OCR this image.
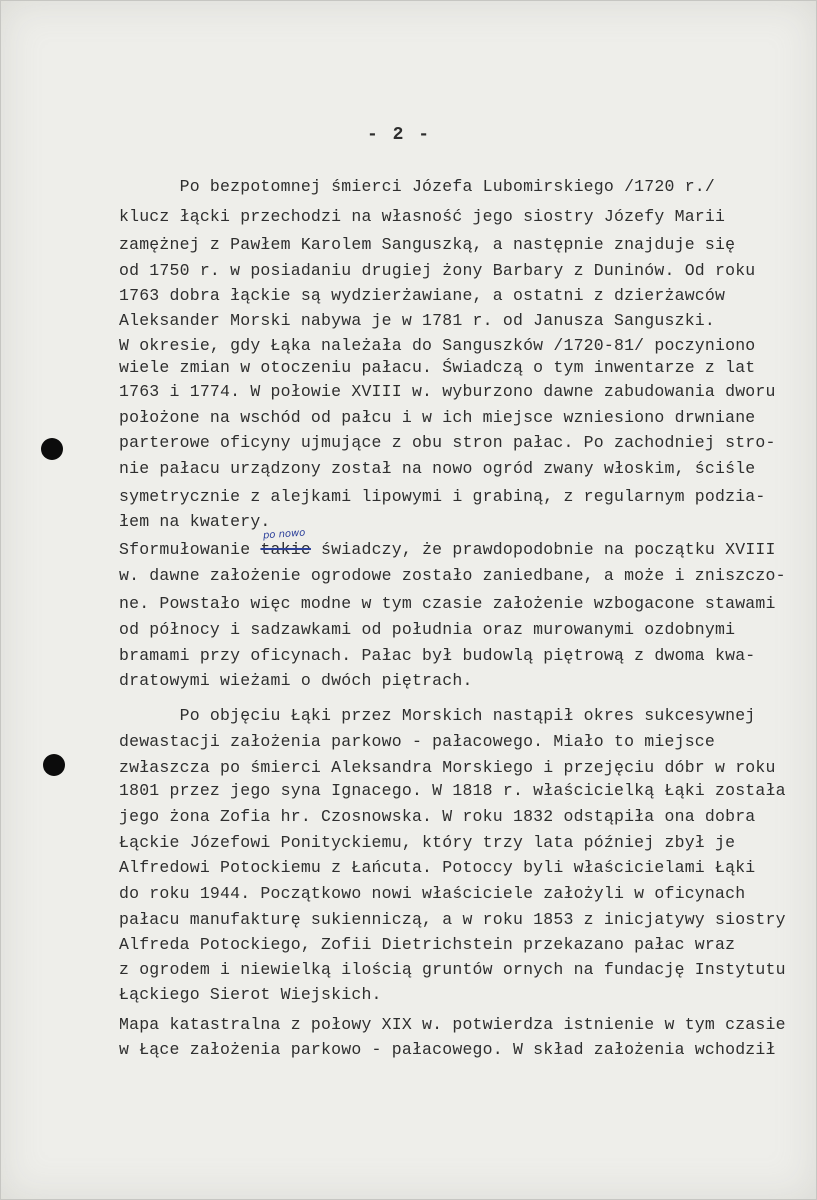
- 2 -
Po bezpotomnej śmierci Józefa Lubomirskiego /1720 r./
klucz łącki przechodzi na własność jego siostry Józefy Marii
zamężnej z Pawłem Karolem Sanguszką, a następnie znajduje się
od 1750 r. w posiadaniu drugiej żony Barbary z Duninów. Od roku
1763 dobra łąckie są wydzierżawiane, a ostatni z dzierżawców
Aleksander Morski nabywa je w 1781 r. od Janusza Sanguszki.
W okresie, gdy Łąka należała do Sanguszków /1720-81/ poczyniono
wiele zmian w otoczeniu pałacu. Świadczą o tym inwentarze z lat
1763 i 1774. W połowie XVIII w. wyburzono dawne zabudowania dworu
położone na wschód od pałcu i w ich miejsce wzniesiono drwniane
parterowe oficyny ujmujące z obu stron pałac. Po zachodniej stro-
nie pałacu urządzony został na nowo ogród zwany włoskim, ściśle
symetrycznie z alejkami lipowymi i grabiną, z regularnym podzia-
łem na kwatery.
po nowo
Sformułowanie takie świadczy, że prawdopodobnie na początku XVIII
w. dawne założenie ogrodowe zostało zaniedbane, a może i zniszczo-
ne. Powstało więc modne w tym czasie założenie wzbogacone stawami
od północy i sadzawkami od południa oraz murowanymi ozdobnymi
bramami przy oficynach. Pałac był budowlą piętrową z dwoma kwa-
dratowymi wieżami o dwóch piętrach.
Po objęciu Łąki przez Morskich nastąpił okres sukcesywnej
dewastacji założenia parkowo - pałacowego. Miało to miejsce
zwłaszcza po śmierci Aleksandra Morskiego i przejęciu dóbr w roku
1801 przez jego syna Ignacego. W 1818 r. właścicielką Łąki została
jego żona Zofia hr. Czosnowska. W roku 1832 odstąpiła ona dobra
Łąckie Józefowi Ponityckiemu, który trzy lata później zbył je
Alfredowi Potockiemu z Łańcuta. Potoccy byli właścicielami Łąki
do roku 1944. Początkowo nowi właściciele założyli w oficynach
pałacu manufakturę sukienniczą, a w roku 1853 z inicjatywy siostry
Alfreda Potockiego, Zofii Dietrichstein przekazano pałac wraz
z ogrodem i niewielką ilością gruntów ornych na fundację Instytutu
Łąckiego Sierot Wiejskich.
Mapa katastralna z połowy XIX w. potwierdza istnienie w tym czasie
w Łące założenia parkowo - pałacowego. W skład założenia wchodził
